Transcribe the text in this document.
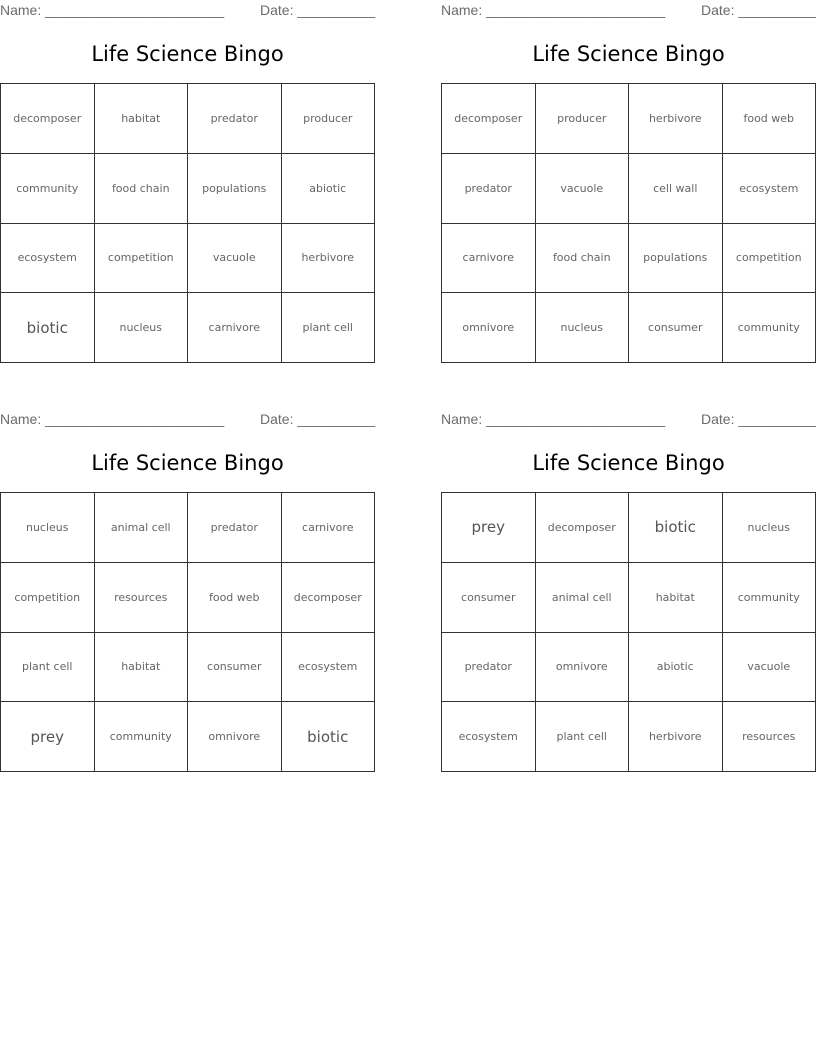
Name: _______________________	Date: __________
Life Science Bingo
decomposer	habitat	predator	producer
community	food chain	populations	abiotic
ecosystem	competition	vacuole	herbivore
biotic	nucleus	carnivore	plant cell
Name: _______________________	Date: __________
Life Science Bingo
decomposer	producer	herbivore	food web
predator	vacuole	cell wall	ecosystem
carnivore	food chain	populations	competition
omnivore	nucleus	consumer	community
Name: _______________________	Date: __________
Life Science Bingo
nucleus	animal cell	predator	carnivore
competition	resources	food web	decomposer
plant cell	habitat	consumer	ecosystem
prey	community	omnivore	biotic
Name: _______________________	Date: __________
Life Science Bingo
prey	decomposer	biotic	nucleus
consumer	animal cell	habitat	community
predator	omnivore	abiotic	vacuole
ecosystem	plant cell	herbivore	resources
